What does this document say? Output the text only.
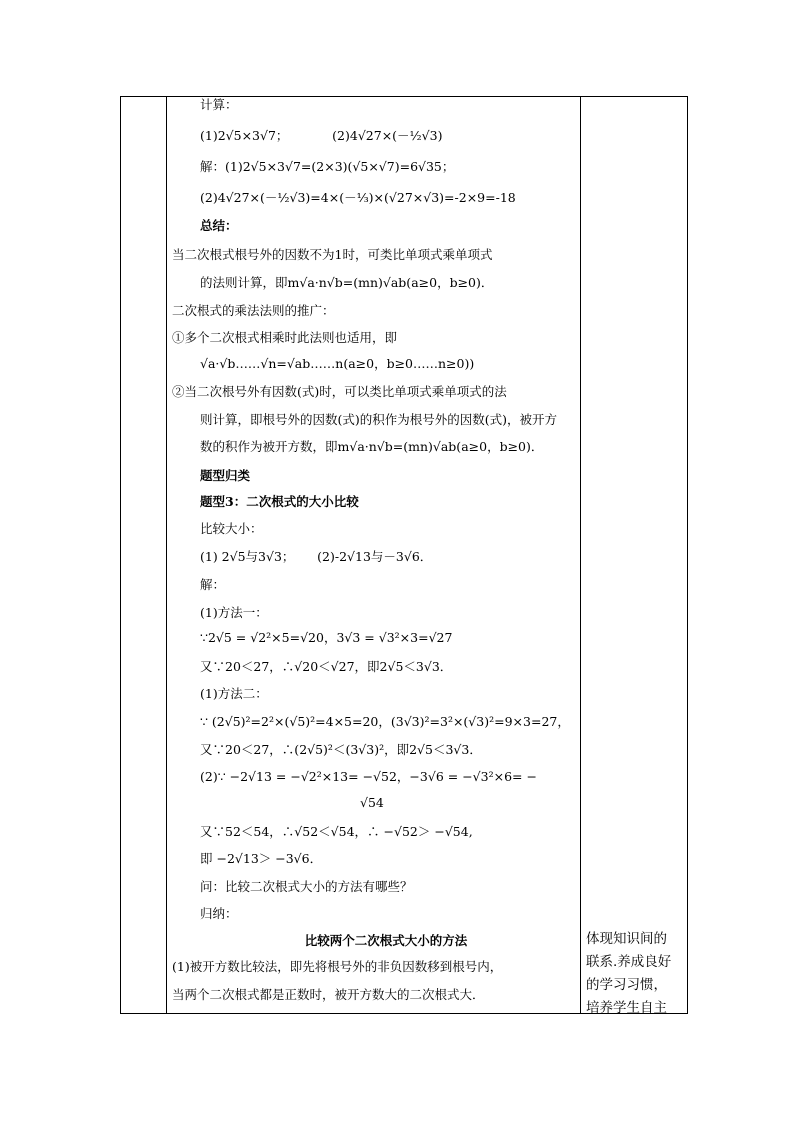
计算：
(1)2√5×3√7；　　　　(2)4√27×(－½√3)
解：(1)2√5×3√7=(2×3)(√5×√7)=6√35；
(2)4√27×(－½√3)=4×(－⅓)×(√27×√3)=-2×9=-18
总结：
当二次根式根号外的因数不为1时，可类比单项式乘单项式
的法则计算，即m√a·n√b=(mn)√ab(a≥0，b≥0)．
二次根式的乘法法则的推广：
①多个二次根式相乘时此法则也适用，即
√a·√b……√n=√ab……n(a≥0，b≥0……n≥0))
②当二次根号外有因数(式)时，可以类比单项式乘单项式的法
则计算，即根号外的因数(式)的积作为根号外的因数(式)，被开方
数的积作为被开方数，即m√a·n√b=(mn)√ab(a≥0，b≥0)．
题型归类
题型3：二次根式的大小比较
比较大小：
(1) 2√5与3√3；　　 (2)-2√13与－3√6．
解：
(1)方法一：
∵2√5 = √2²×5=√20，3√3 = √3²×3=√27
又∵20＜27，∴√20＜√27，即2√5＜3√3．
(1)方法二：
∵ (2√5)²=2²×(√5)²=4×5=20，(3√3)²=3²×(√3)²=9×3=27，
又∵20＜27，∴(2√5)²＜(3√3)²，即2√5＜3√3．
(2)∵ −2√13 = −√2²×13= −√52，−3√6 = −√3²×6= −
√54
又∵52＜54，∴√52＜√54，∴ −√52＞ −√54,
即 −2√13＞ −3√6．
问：比较二次根式大小的方法有哪些？
归纳：
比较两个二次根式大小的方法
(1)被开方数比较法，即先将根号外的非负因数移到根号内，
当两个二次根式都是正数时，被开方数大的二次根式大．
体现知识间的
联系.养成良好
的学习习惯，
培养学生自主
